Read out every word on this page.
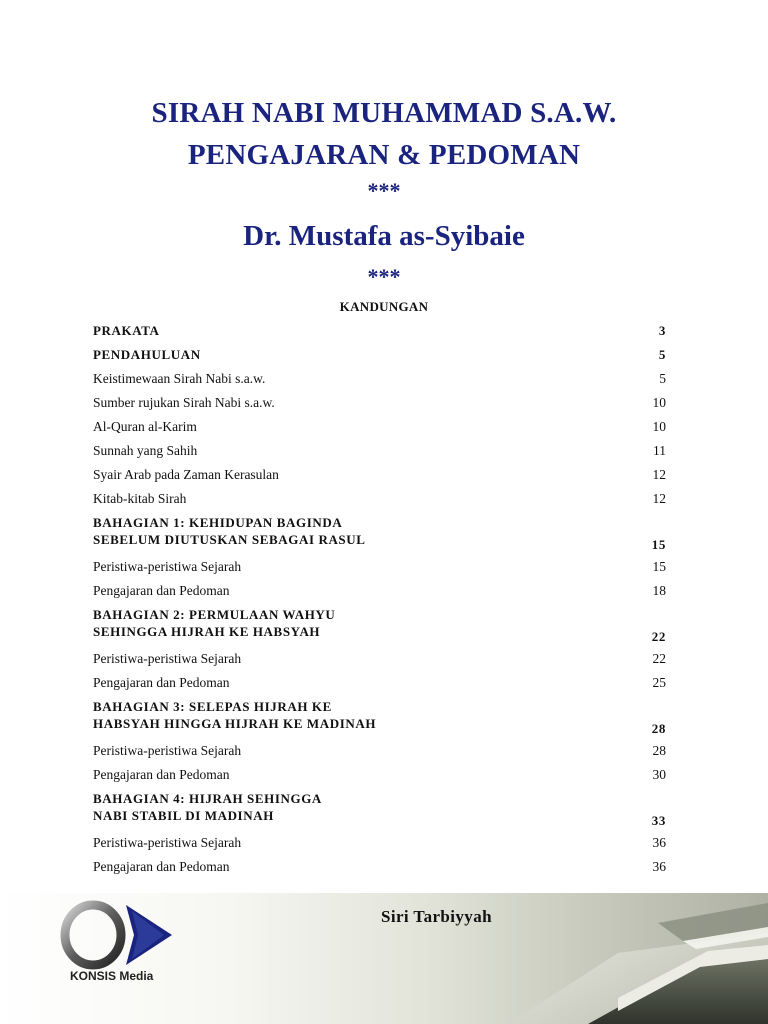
SIRAH NABI MUHAMMAD S.A.W.
PENGAJARAN & PEDOMAN
***
Dr. Mustafa as-Syibaie
***
KANDUNGAN
PRAKATA	3
PENDAHULUAN	5
Keistimewaan Sirah Nabi s.a.w.	5
Sumber rujukan Sirah Nabi s.a.w.	10
Al-Quran al-Karim	10
Sunnah yang Sahih	11
Syair Arab pada Zaman Kerasulan	12
Kitab-kitab Sirah	12
BAHAGIAN 1: KEHIDUPAN BAGINDA
SEBELUM DIUTUSKAN SEBAGAI RASUL	15
Peristiwa-peristiwa Sejarah	15
Pengajaran dan Pedoman	18
BAHAGIAN 2: PERMULAAN WAHYU
SEHINGGA HIJRAH KE HABSYAH	22
Peristiwa-peristiwa Sejarah	22
Pengajaran dan Pedoman	25
BAHAGIAN 3: SELEPAS HIJRAH KE
HABSYAH HINGGA HIJRAH KE MADINAH	28
Peristiwa-peristiwa Sejarah	28
Pengajaran dan Pedoman	30
BAHAGIAN 4: HIJRAH SEHINGGA
NABI STABIL DI MADINAH	33
Peristiwa-peristiwa Sejarah	36
Pengajaran dan Pedoman	36
Siri Tarbiyyah
KONSIS Media
